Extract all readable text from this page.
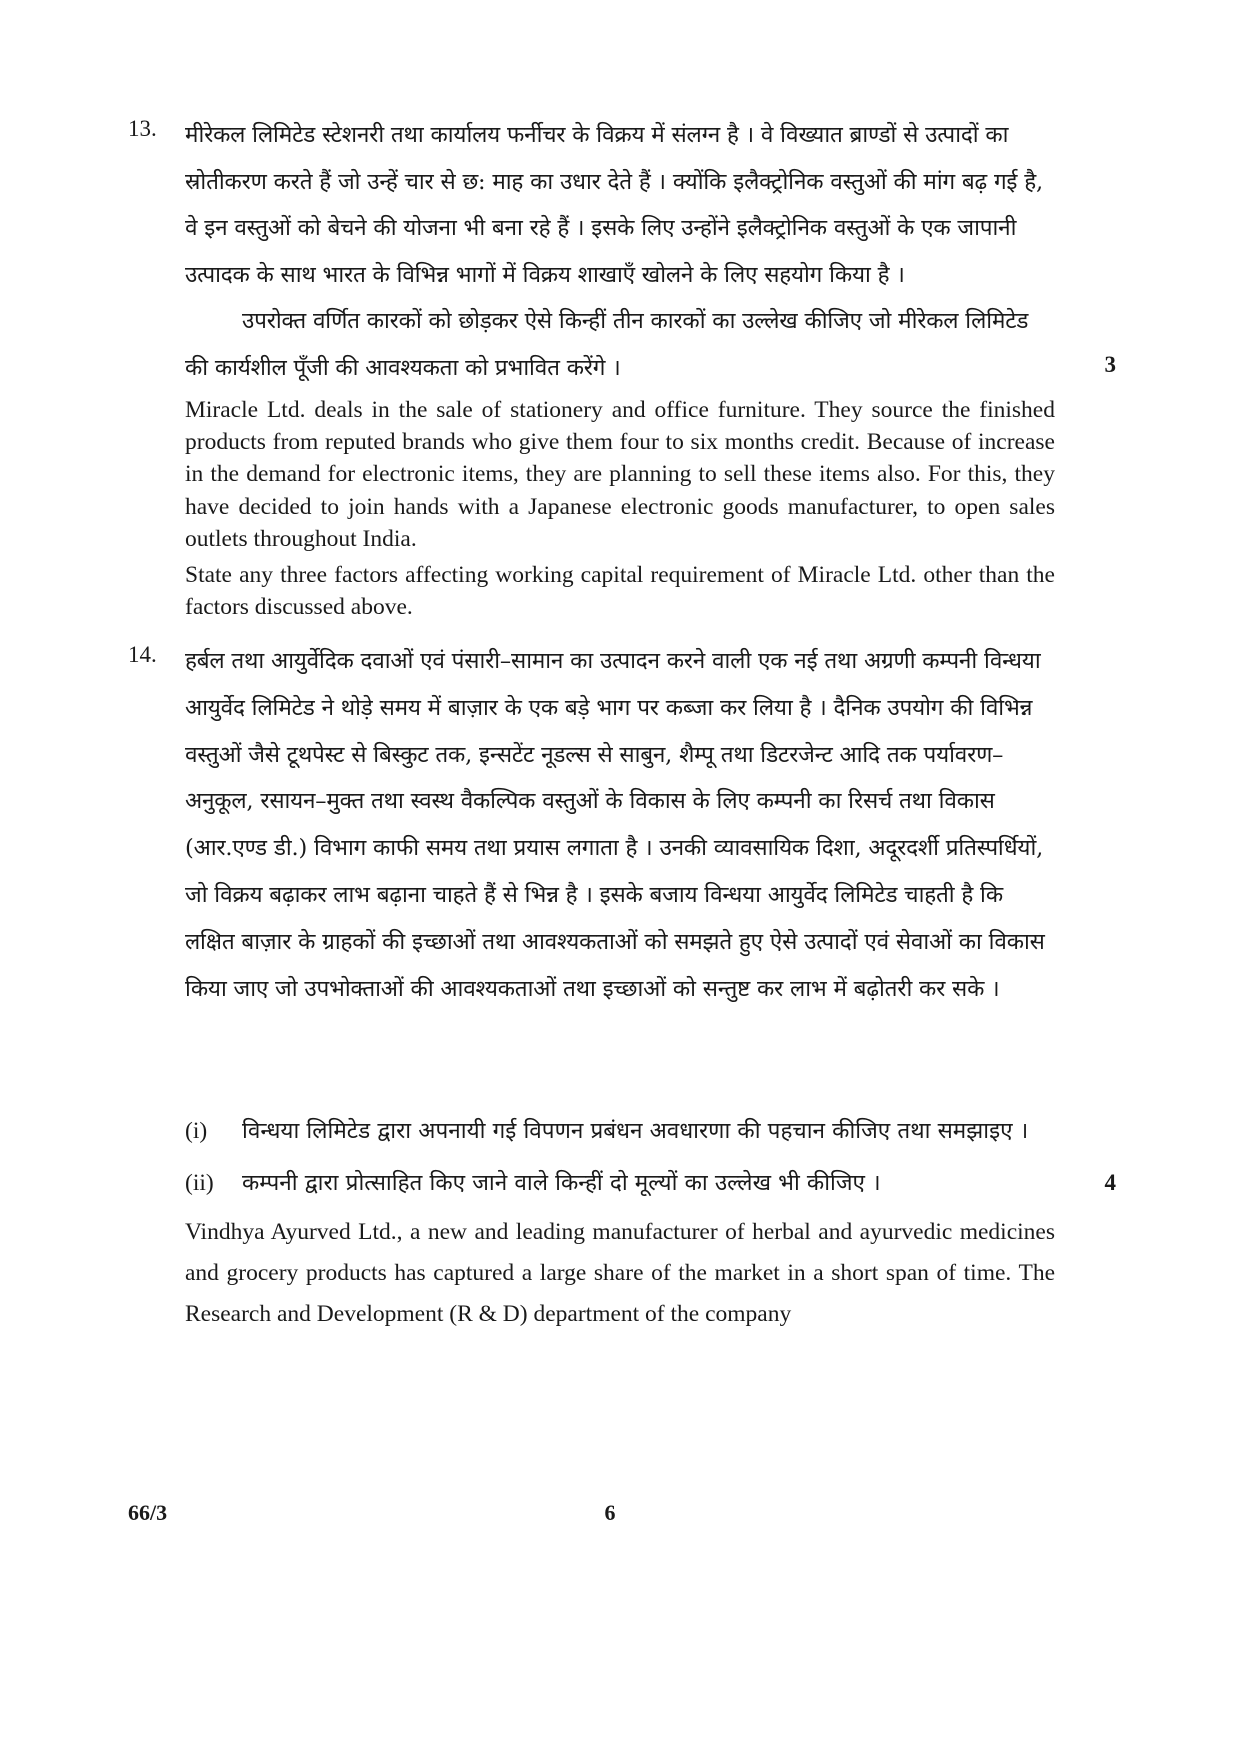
13.	मीरेकल लिमिटेड स्टेशनरी तथा कार्यालय फर्नीचर के विक्रय में संलग्न है । वे विख्यात ब्राण्डों से उत्पादों का स्रोतीकरण करते हैं जो उन्हें चार से छ: माह का उधार देते हैं । क्योंकि इलैक्ट्रोनिक वस्तुओं की मांग बढ़ गई है, वे इन वस्तुओं को बेचने की योजना भी बना रहे हैं । इसके लिए उन्होंने इलैक्ट्रोनिक वस्तुओं के एक जापानी उत्पादक के साथ भारत के विभिन्न भागों में विक्रय शाखाएँ खोलने के लिए सहयोग किया है ।

उपरोक्त वर्णित कारकों को छोड़कर ऐसे किन्हीं तीन कारकों का उल्लेख कीजिए जो मीरेकल लिमिटेड की कार्यशील पूँजी की आवश्यकता को प्रभावित करेंगे ।

Miracle Ltd. deals in the sale of stationery and office furniture. They source the finished products from reputed brands who give them four to six months credit. Because of increase in the demand for electronic items, they are planning to sell these items also. For this, they have decided to join hands with a Japanese electronic goods manufacturer, to open sales outlets throughout India.

State any three factors affecting working capital requirement of Miracle Ltd. other than the factors discussed above.

3
14.	हर्बल तथा आयुर्वेदिक दवाओं एवं पंसारी–सामान का उत्पादन करने वाली एक नई तथा अग्रणी कम्पनी विन्धया आयुर्वेद लिमिटेड ने थोड़े समय में बाज़ार के एक बड़े भाग पर कब्जा कर लिया है । दैनिक उपयोग की विभिन्न वस्तुओं जैसे टूथपेस्ट से बिस्कुट तक, इन्सटेंट नूडल्स से साबुन, शैम्पू तथा डिटरजेन्ट आदि तक पर्यावरण–अनुकूल, रसायन–मुक्त तथा स्वस्थ वैकल्पिक वस्तुओं के विकास के लिए कम्पनी का रिसर्च तथा विकास (आर.एण्ड डी.) विभाग काफी समय तथा प्रयास लगाता है । उनकी व्यावसायिक दिशा, अदूरदर्शी प्रतिस्पर्धियों, जो विक्रय बढ़ाकर लाभ बढ़ाना चाहते हैं से भिन्न है । इसके बजाय विन्धया आयुर्वेद लिमिटेड चाहती है कि लक्षित बाज़ार के ग्राहकों की इच्छाओं तथा आवश्यकताओं को समझते हुए ऐसे उत्पादों एवं सेवाओं का विकास किया जाए जो उपभोक्ताओं की आवश्यकताओं तथा इच्छाओं को सन्तुष्ट कर लाभ में बढ़ोतरी कर सके ।

(i) विन्धया लिमिटेड द्वारा अपनायी गई विपणन प्रबंधन अवधारणा की पहचान कीजिए तथा समझाइए ।
(ii) कम्पनी द्वारा प्रोत्साहित किए जाने वाले किन्हीं दो मूल्यों का उल्लेख भी कीजिए ।	4

Vindhya Ayurved Ltd., a new and leading manufacturer of herbal and ayurvedic medicines and grocery products has captured a large share of the market in a short span of time. The Research and Development (R & D) department of the company

66/3	6
